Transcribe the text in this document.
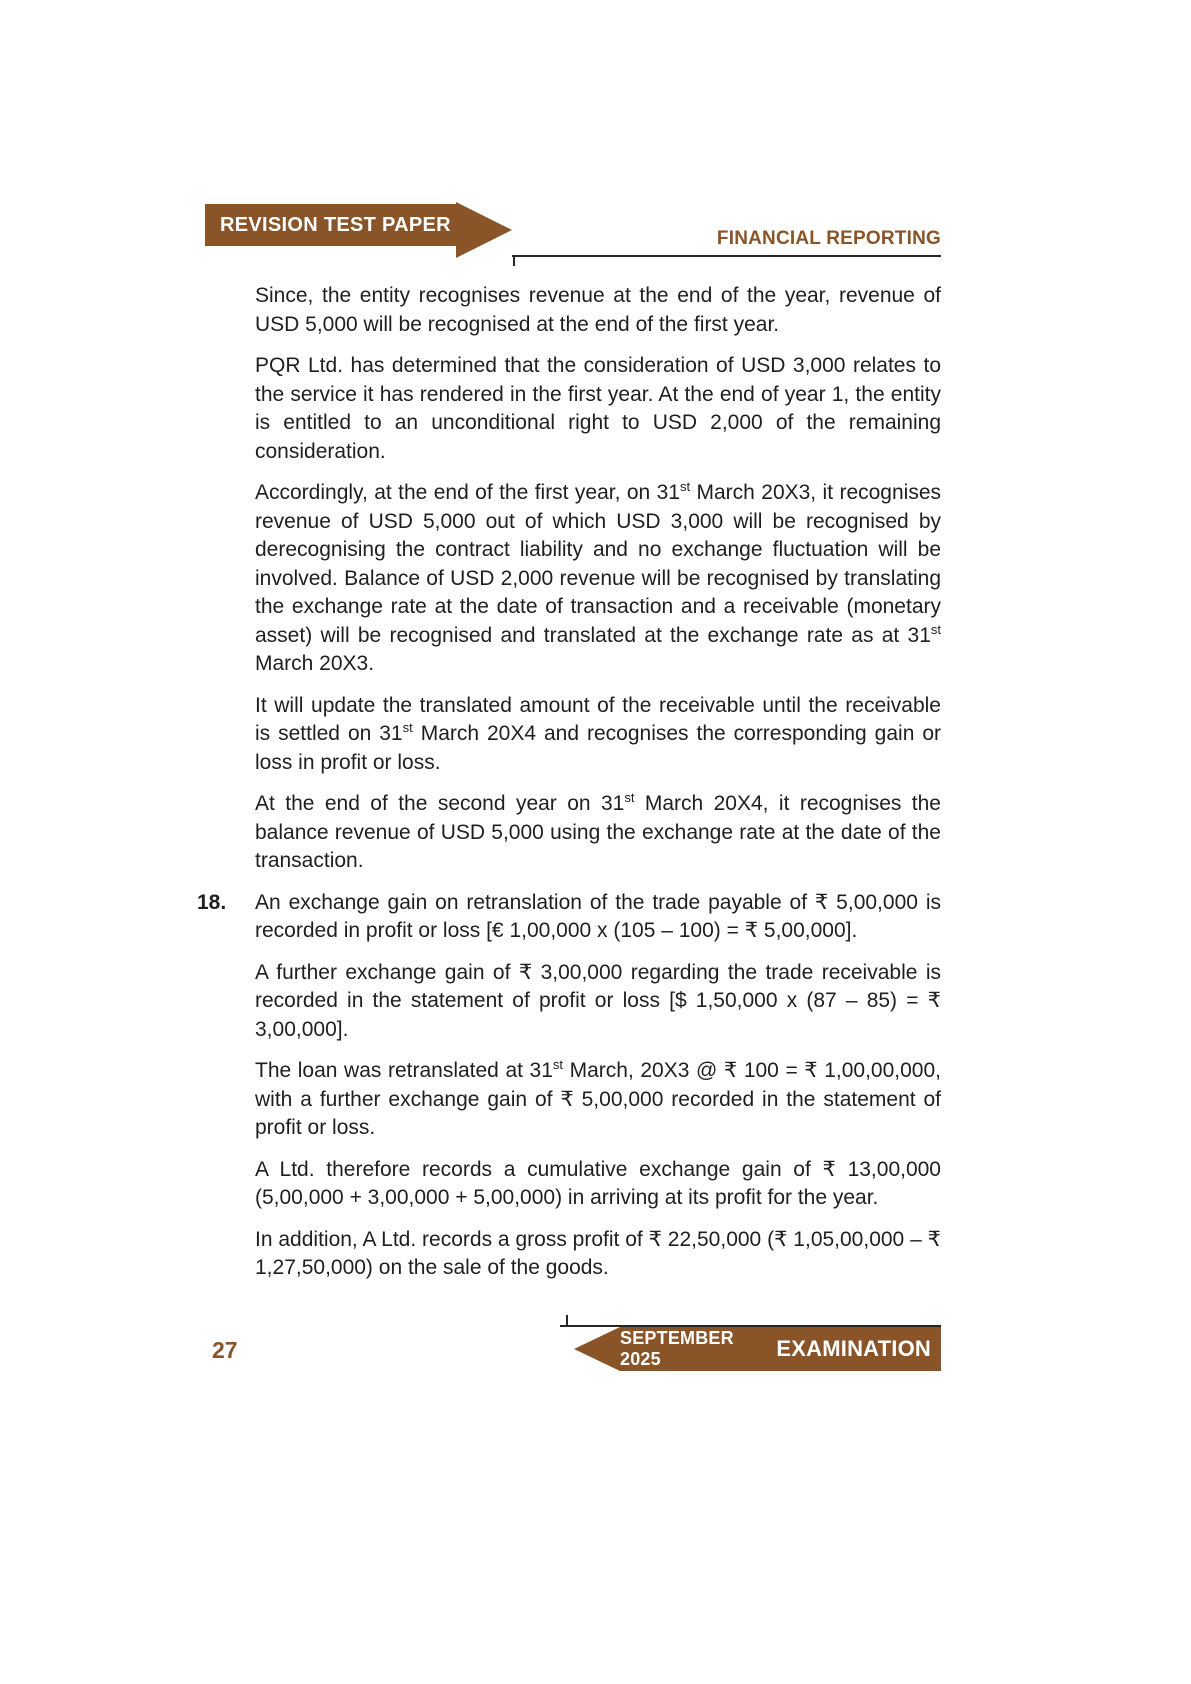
REVISION TEST PAPER
FINANCIAL REPORTING

Since, the entity recognises revenue at the end of the year, revenue of USD 5,000 will be recognised at the end of the first year.

PQR Ltd. has determined that the consideration of USD 3,000 relates to the service it has rendered in the first year. At the end of year 1, the entity is entitled to an unconditional right to USD 2,000 of the remaining consideration.

Accordingly, at the end of the first year, on 31st March 20X3, it recognises revenue of USD 5,000 out of which USD 3,000 will be recognised by derecognising the contract liability and no exchange fluctuation will be involved. Balance of USD 2,000 revenue will be recognised by translating the exchange rate at the date of transaction and a receivable (monetary asset) will be recognised and translated at the exchange rate as at 31st March 20X3.

It will update the translated amount of the receivable until the receivable is settled on 31st March 20X4 and recognises the corresponding gain or loss in profit or loss.

At the end of the second year on 31st March 20X4, it recognises the balance revenue of USD 5,000 using the exchange rate at the date of the transaction.

18. An exchange gain on retranslation of the trade payable of ₹ 5,00,000 is recorded in profit or loss [€ 1,00,000 x (105 – 100) = ₹ 5,00,000].

A further exchange gain of ₹ 3,00,000 regarding the trade receivable is recorded in the statement of profit or loss [$ 1,50,000 x (87 – 85) = ₹ 3,00,000].

The loan was retranslated at 31st March, 20X3 @ ₹ 100 = ₹ 1,00,00,000, with a further exchange gain of ₹ 5,00,000 recorded in the statement of profit or loss.

A Ltd. therefore records a cumulative exchange gain of ₹ 13,00,000 (5,00,000 + 3,00,000 + 5,00,000) in arriving at its profit for the year.

In addition, A Ltd. records a gross profit of ₹ 22,50,000 (₹ 1,05,00,000 – ₹ 1,27,50,000) on the sale of the goods.

27	SEPTEMBER 2025	EXAMINATION
